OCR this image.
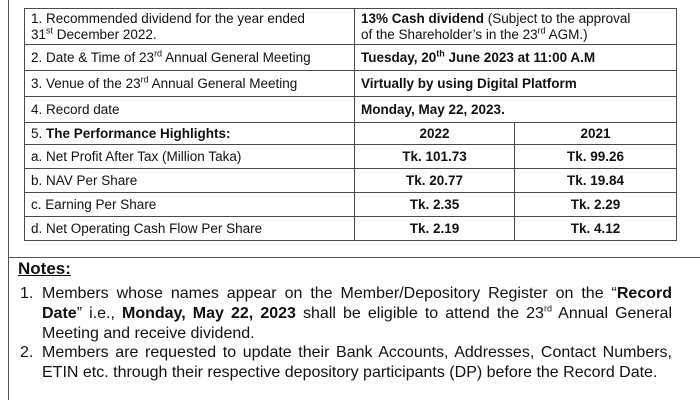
1. Recommended dividend for the year ended
31st December 2022.	13% Cash dividend (Subject to the approval
of the Shareholder’s in the 23rd AGM.)	
2. Date & Time of 23rd Annual General Meeting	Tuesday, 20th June 2023 at 11:00 A.M	
3. Venue of the 23rd Annual General Meeting	Virtually by using Digital Platform	
4. Record date	Monday, May 22, 2023.	
5. The Performance Highlights:	2022	2021
a. Net Profit After Tax (Million Taka)	Tk. 101.73	Tk. 99.26
b. NAV Per Share	Tk. 20.77	Tk. 19.84
c. Earning Per Share	Tk. 2.35	Tk. 2.29
d. Net Operating Cash Flow Per Share	Tk. 2.19	Tk. 4.12
Notes:
1. Members whose names appear on the Member/Depository Register on the “Record Date” i.e., Monday, May 22, 2023 shall be eligible to attend the 23rd Annual General Meeting and receive dividend.
2. Members are requested to update their Bank Accounts, Addresses, Contact Numbers, ETIN etc. through their respective depository participants (DP) before the Record Date.
